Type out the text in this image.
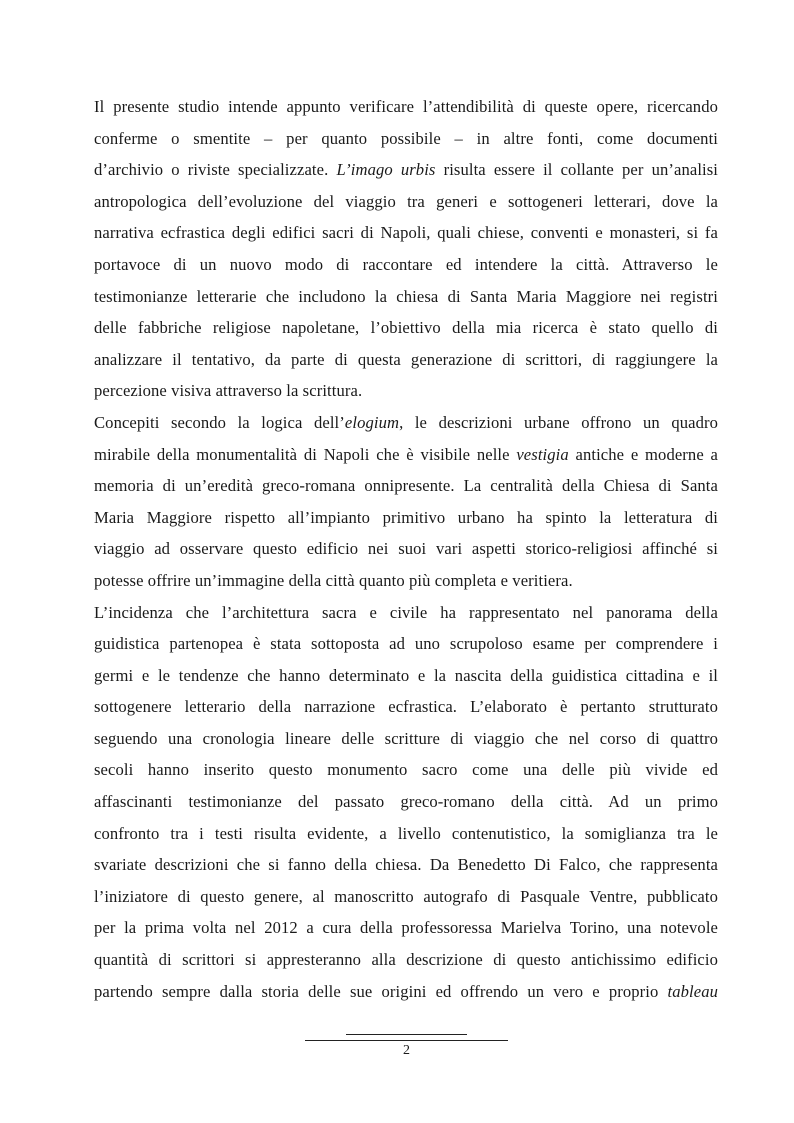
Il presente studio intende appunto verificare l’attendibilità di queste opere, ricercando
conferme o smentite – per quanto possibile – in altre fonti, come documenti
d’archivio o riviste specializzate. L’imago urbis risulta essere il collante per un’analisi
antropologica dell’evoluzione del viaggio tra generi e sottogeneri letterari, dove la
narrativa ecfrastica degli edifici sacri di Napoli, quali chiese, conventi e monasteri, si fa
portavoce di un nuovo modo di raccontare ed intendere la città. Attraverso le
testimonianze letterarie che includono la chiesa di Santa Maria Maggiore nei registri
delle fabbriche religiose napoletane, l’obiettivo della mia ricerca è stato quello di
analizzare il tentativo, da parte di questa generazione di scrittori, di raggiungere la
percezione visiva attraverso la scrittura.
Concepiti secondo la logica dell’elogium, le descrizioni urbane offrono un quadro
mirabile della monumentalità di Napoli che è visibile nelle vestigia antiche e moderne a
memoria di un’eredità greco-romana onnipresente. La centralità della Chiesa di Santa
Maria Maggiore rispetto all’impianto primitivo urbano ha spinto la letteratura di
viaggio ad osservare questo edificio nei suoi vari aspetti storico-religiosi affinché si
potesse offrire un’immagine della città quanto più completa e veritiera.
L’incidenza che l’architettura sacra e civile ha rappresentato nel panorama della
guidistica partenopea è stata sottoposta ad uno scrupoloso esame per comprendere i
germi e le tendenze che hanno determinato e la nascita della guidistica cittadina e il
sottogenere letterario della narrazione ecfrastica. L’elaborato è pertanto strutturato
seguendo una cronologia lineare delle scritture di viaggio che nel corso di quattro
secoli hanno inserito questo monumento sacro come una delle più vivide ed
affascinanti testimonianze del passato greco-romano della città. Ad un primo
confronto tra i testi risulta evidente, a livello contenutistico, la somiglianza tra le
svariate descrizioni che si fanno della chiesa. Da Benedetto Di Falco, che rappresenta
l’iniziatore di questo genere, al manoscritto autografo di Pasquale Ventre, pubblicato
per la prima volta nel 2012 a cura della professoressa Marielva Torino, una notevole
quantità di scrittori si appresteranno alla descrizione di questo antichissimo edificio
partendo sempre dalla storia delle sue origini ed offrendo un vero e proprio tableau
2
